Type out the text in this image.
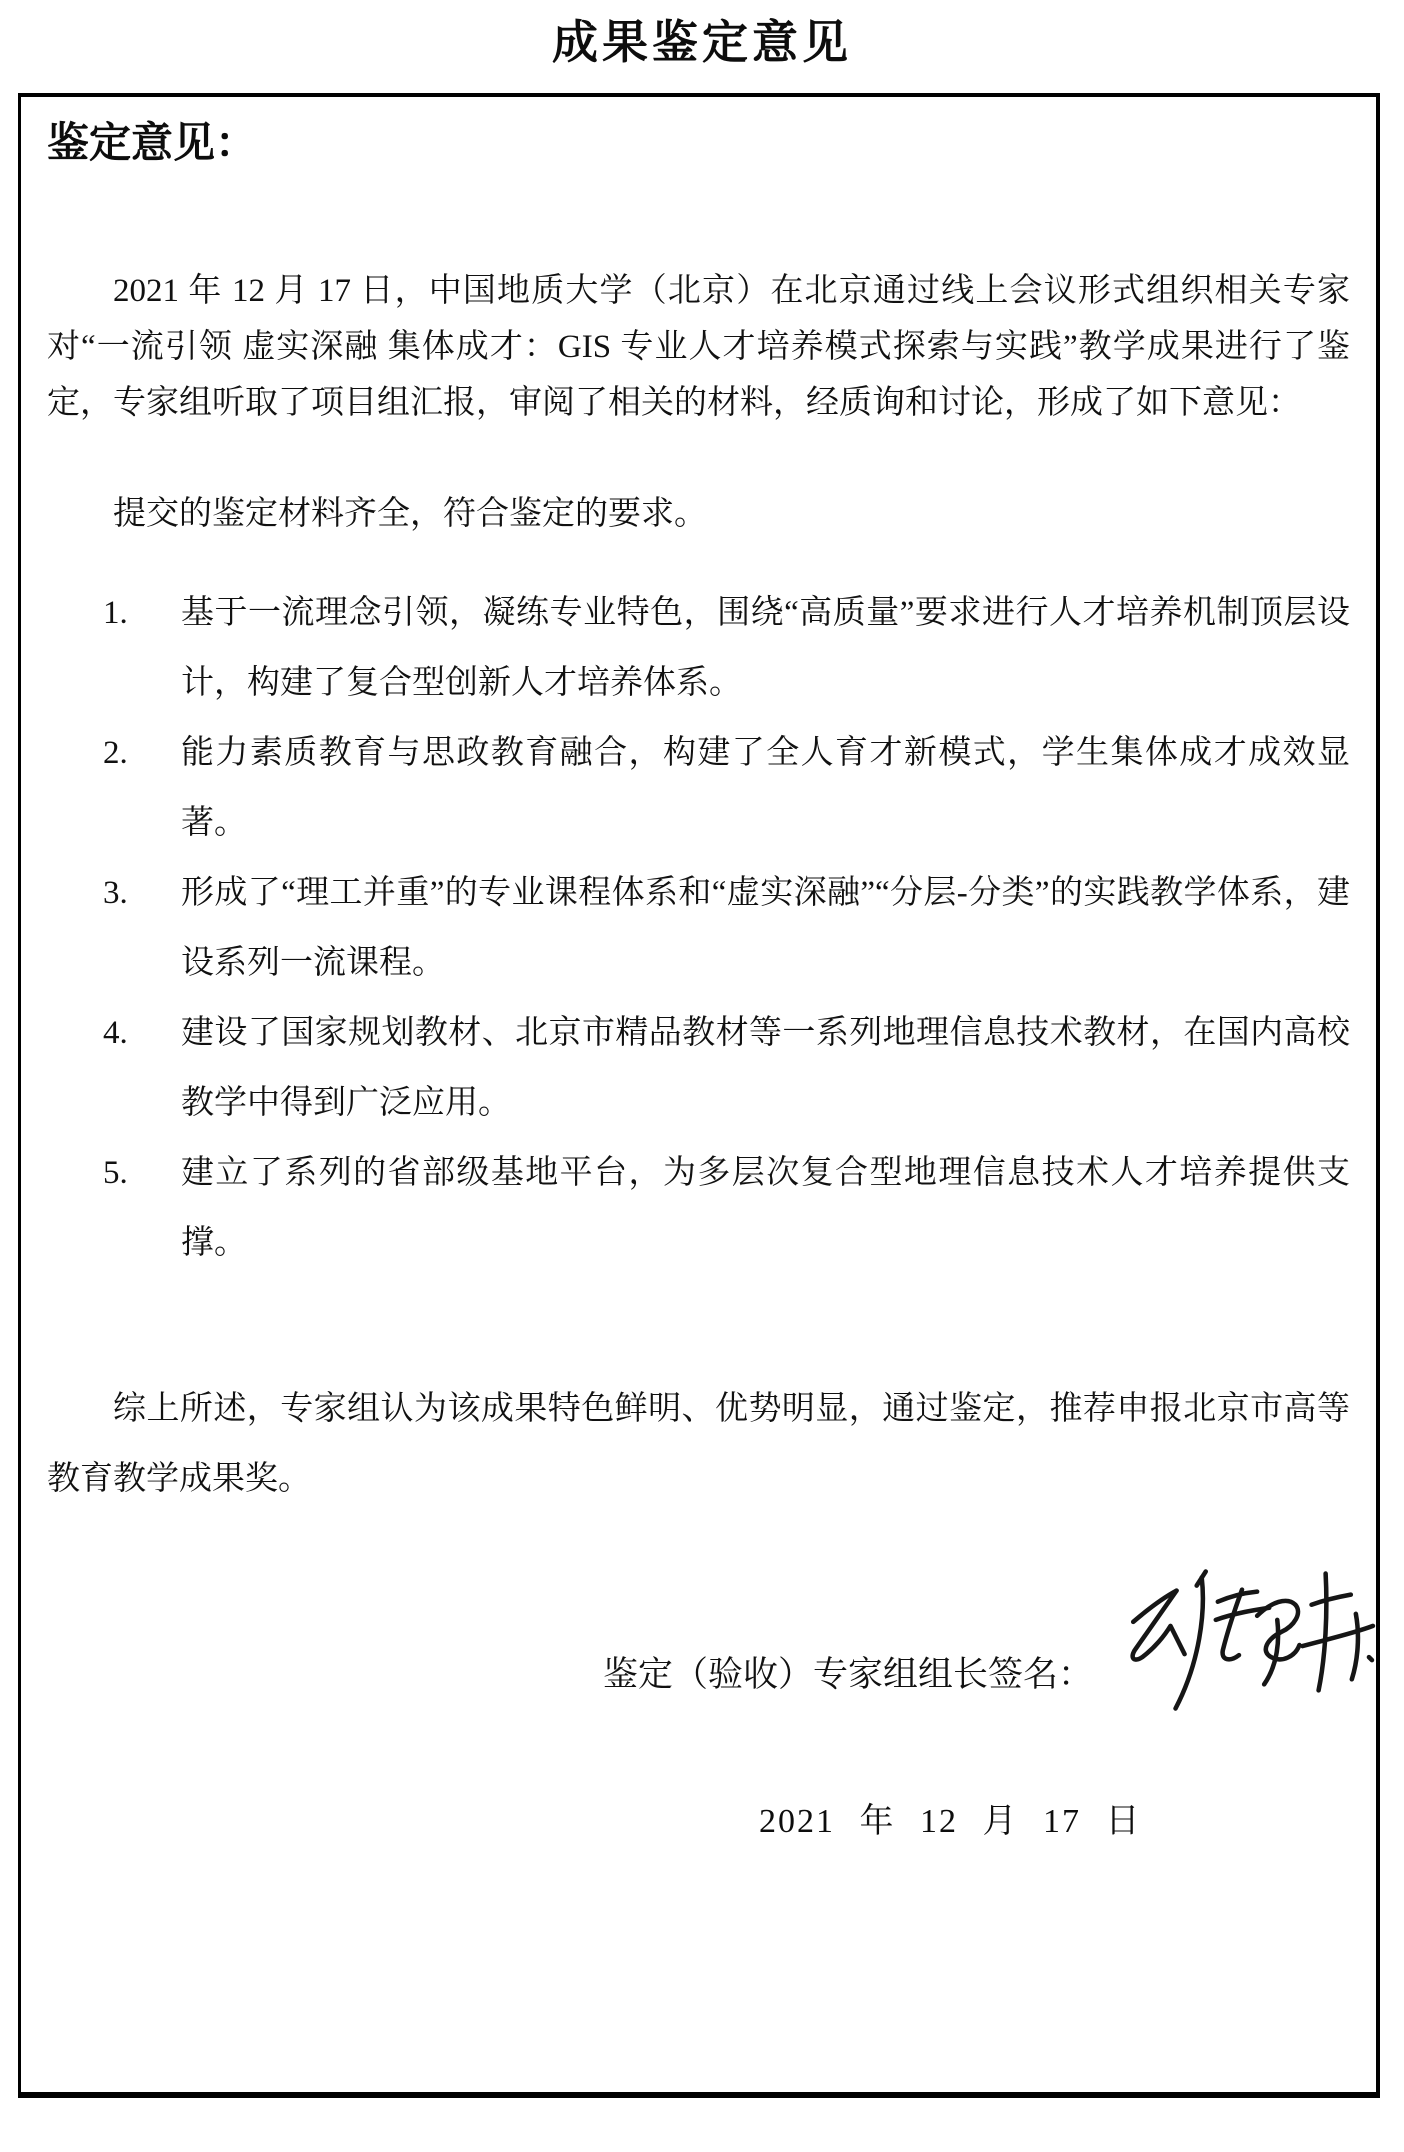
成果鉴定意见
鉴定意见：

2021 年 12 月 17 日，中国地质大学（北京）在北京通过线上会议形式组织相关专家对“一流引领 虚实深融 集体成才：GIS 专业人才培养模式探索与实践”教学成果进行了鉴定，专家组听取了项目组汇报，审阅了相关的材料，经质询和讨论，形成了如下意见：

提交的鉴定材料齐全，符合鉴定的要求。

1.	基于一流理念引领，凝练专业特色，围绕“高质量”要求进行人才培养机制顶层设计，构建了复合型创新人才培养体系。
2.	能力素质教育与思政教育融合，构建了全人育才新模式，学生集体成才成效显著。
3.	形成了“理工并重”的专业课程体系和“虚实深融”“分层-分类”的实践教学体系，建设系列一流课程。
4.	建设了国家规划教材、北京市精品教材等一系列地理信息技术教材，在国内高校教学中得到广泛应用。
5.	建立了系列的省部级基地平台，为多层次复合型地理信息技术人才培养提供支撑。

综上所述，专家组认为该成果特色鲜明、优势明显，通过鉴定，推荐申报北京市高等教育教学成果奖。

鉴定（验收）专家组组长签名：
2021 年 12 月 17 日
